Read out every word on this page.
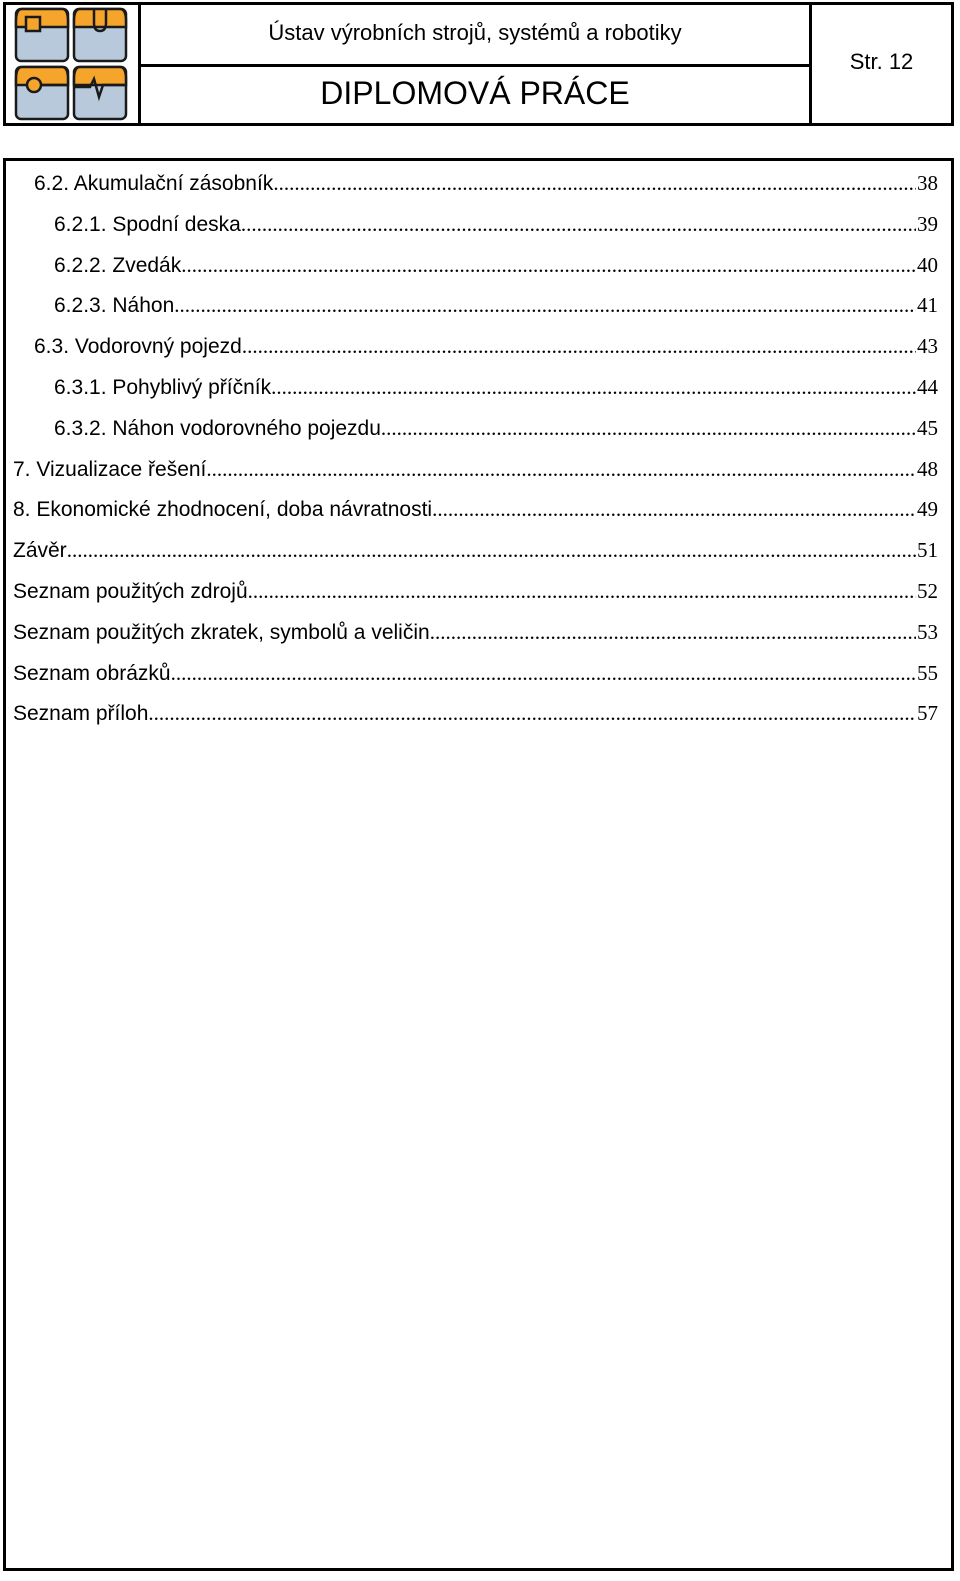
Ústav výrobních strojů, systémů a robotiky
DIPLOMOVÁ PRÁCE
Str. 12
6.2. Akumulační zásobník .....	38
6.2.1. Spodní deska .....	39
6.2.2. Zvedák .....	40
6.2.3. Náhon .....	41
6.3. Vodorovný pojezd .....	43
6.3.1. Pohyblivý příčník .....	44
6.3.2. Náhon vodorovného pojezdu .....	45
7. Vizualizace řešení .....	48
8. Ekonomické zhodnocení, doba návratnosti .....	49
Závěr .....	51
Seznam použitých zdrojů .....	52
Seznam použitých zkratek, symbolů a veličin .....	53
Seznam obrázků .....	55
Seznam příloh .....	57
